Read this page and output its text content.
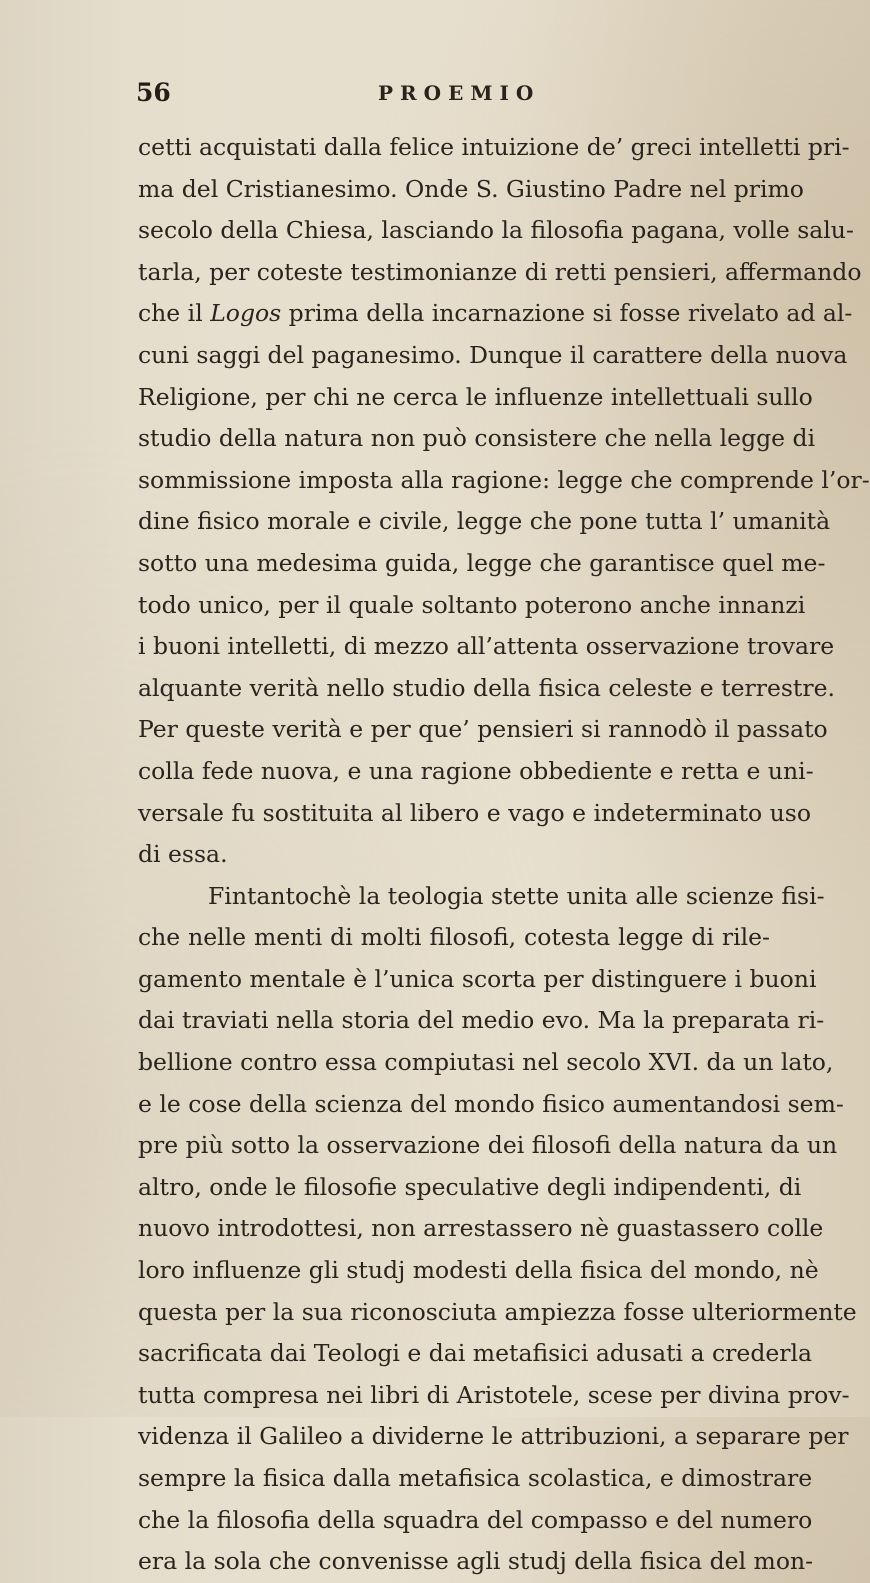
56	PROEMIO
cetti acquistati dalla felice intuizione de’ greci intelletti pri-
ma del Cristianesimo. Onde S. Giustino Padre nel primo
secolo della Chiesa, lasciando la filosofia pagana, volle salu-
tarla, per coteste testimonianze di retti pensieri, affermando
che il Logos prima della incarnazione si fosse rivelato ad al-
cuni saggi del paganesimo. Dunque il carattere della nuova
Religione, per chi ne cerca le influenze intellettuali sullo
studio della natura non può consistere che nella legge di
sommissione imposta alla ragione: legge che comprende l’or-
dine fisico morale e civile, legge che pone tutta l’ umanità
sotto una medesima guida, legge che garantisce quel me-
todo unico, per il quale soltanto poterono anche innanzi
i buoni intelletti, di mezzo all’attenta osservazione trovare
alquante verità nello studio della fisica celeste e terrestre.
Per queste verità e per que’ pensieri si rannodò il passato
colla fede nuova, e una ragione obbediente e retta e uni-
versale fu sostituita al libero e vago e indeterminato uso
di essa.
Fintantochè la teologia stette unita alle scienze fisi-
che nelle menti di molti filosofi, cotesta legge di rile-
gamento mentale è l’unica scorta per distinguere i buoni
dai traviati nella storia del medio evo. Ma la preparata ri-
bellione contro essa compiutasi nel secolo XVI. da un lato,
e le cose della scienza del mondo fisico aumentandosi sem-
pre più sotto la osservazione dei filosofi della natura da un
altro, onde le filosofie speculative degli indipendenti, di
nuovo introdottesi, non arrestassero nè guastassero colle
loro influenze gli studj modesti della fisica del mondo, nè
questa per la sua riconosciuta ampiezza fosse ulteriormente
sacrificata dai Teologi e dai metafisici adusati a crederla
tutta compresa nei libri di Aristotele, scese per divina prov-
videnza il Galileo a dividerne le attribuzioni, a separare per
sempre la fisica dalla metafisica scolastica, e dimostrare
che la filosofia della squadra del compasso e del numero
era la sola che convenisse agli studj della fisica del mon-
